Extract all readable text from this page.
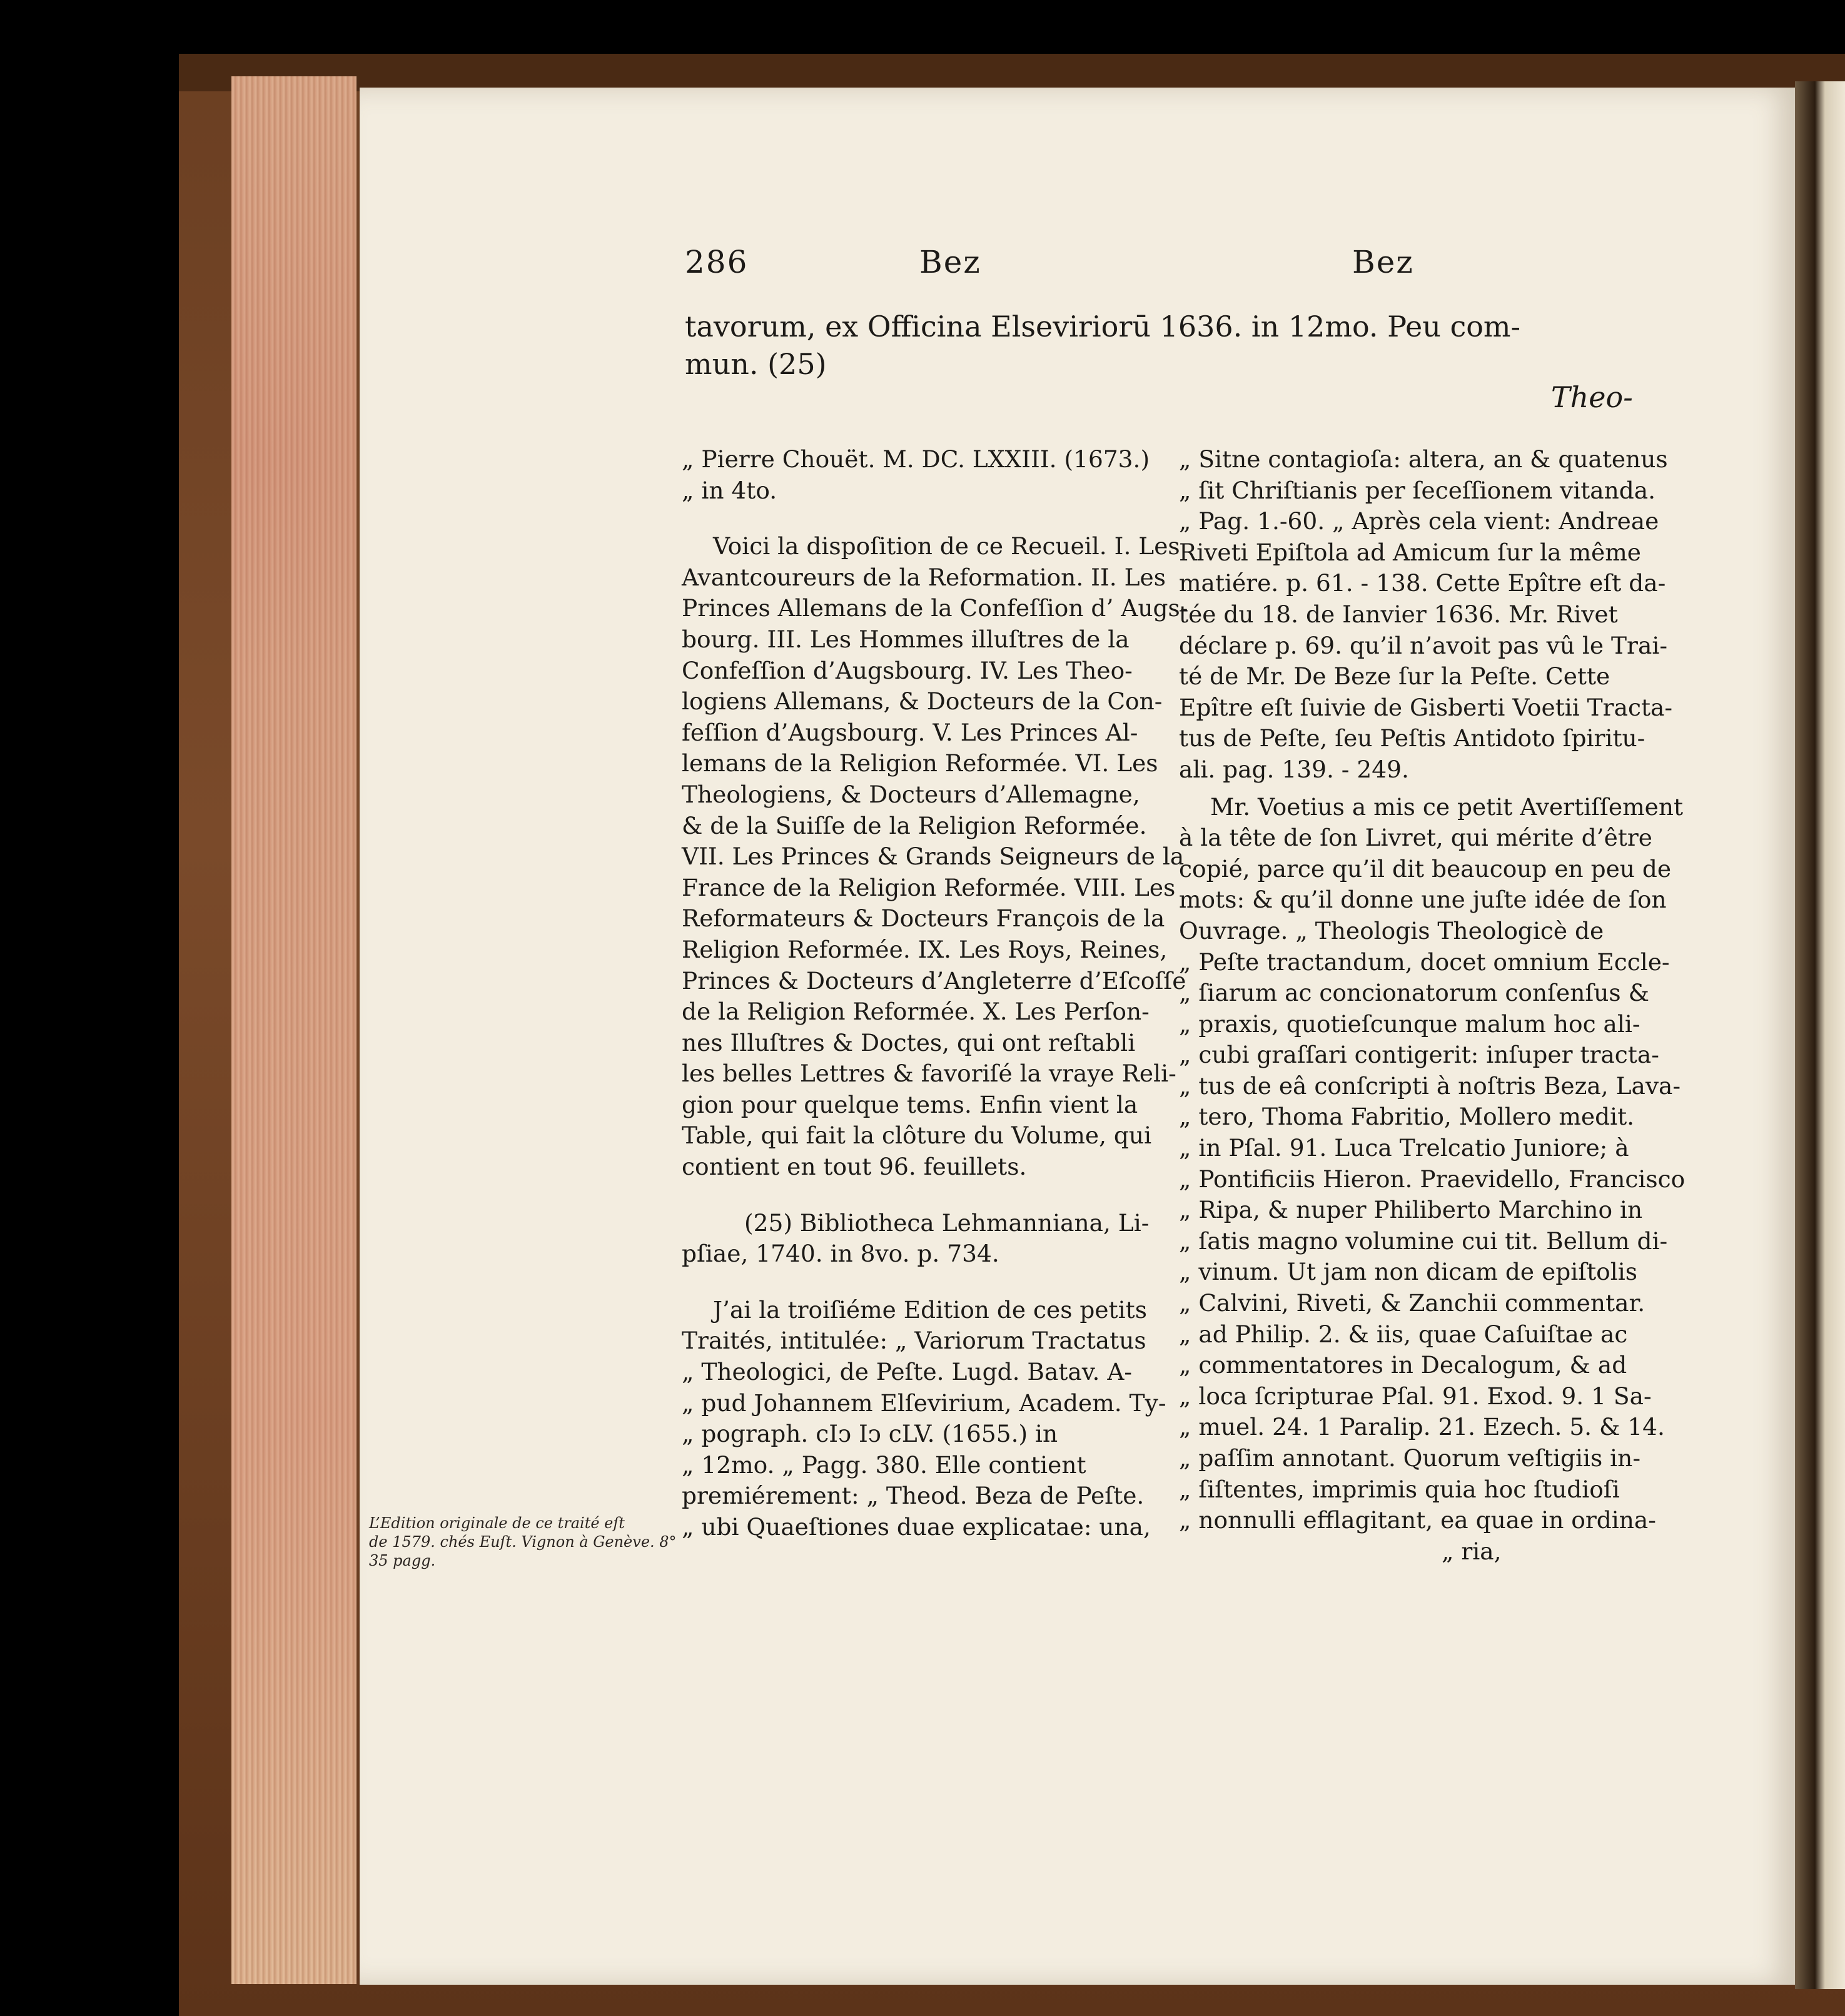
286	Bez	Bez
tavorum, ex Officina Elseviriorū 1636. in 12mo. Peu com-
mun. (25)
Theo-
„ Pierre Chouët. M. DC. LXXIII. (1673.)
„ in 4to.
Voici la dispoſition de ce Recueil. I. Les
Avantcoureurs de la Reformation. II. Les
Princes Allemans de la Confeſſion d’ Augs-
bourg. III. Les Hommes illuſtres de la
Confeſſion d’Augsbourg. IV. Les Theo-
logiens Allemans, & Docteurs de la Con-
feſſion d’Augsbourg. V. Les Princes Al-
lemans de la Religion Reformée. VI. Les
Theologiens, & Docteurs d’Allemagne,
& de la Suiſſe de la Religion Reformée.
VII. Les Princes & Grands Seigneurs de la
France de la Religion Reformée. VIII. Les
Reformateurs & Docteurs François de la
Religion Reformée. IX. Les Roys, Reines,
Princes & Docteurs d’Angleterre d’Eſcoſſe
de la Religion Reformée. X. Les Perſon-
nes Illuſtres & Doctes, qui ont reſtabli
les belles Lettres & favoriſé la vraye Reli-
gion pour quelque tems. Enfin vient la
Table, qui fait la clôture du Volume, qui
contient en tout 96. feuillets.
(25) Bibliotheca Lehmanniana, Li-
pſiae, 1740. in 8vo. p. 734.
J’ai la troiſiéme Edition de ces petits
Traités, intitulée: „ Variorum Tractatus
„ Theologici, de Peſte. Lugd. Batav. A-
„ pud Johannem Elſevirium, Academ. Ty-
„ pograph. cIↄ Iↄ cLV. (1655.) in
„ 12mo. „ Pagg. 380. Elle contient
premiérement: „ Theod. Beza de Peſte.
„ ubi Quaeſtiones duae explicatae: una,
„ Sitne contagioſa: altera, an & quatenus
„ ſit Chriſtianis per ſeceſſionem vitanda.
„ Pag. 1.-60. „ Après cela vient: Andreae
Riveti Epiſtola ad Amicum ſur la même
matiére. p. 61. - 138. Cette Epître eſt da-
tée du 18. de Ianvier 1636. Mr. Rivet
déclare p. 69. qu’il n’avoit pas vû le Trai-
té de Mr. De Beze ſur la Peſte. Cette
Epître eſt ſuivie de Gisberti Voetii Tracta-
tus de Peſte, ſeu Peſtis Antidoto ſpiritu-
ali. pag. 139. - 249.
Mr. Voetius a mis ce petit Avertiſſement
à la tête de ſon Livret, qui mérite d’être
copié, parce qu’il dit beaucoup en peu de
mots: & qu’il donne une juſte idée de ſon
Ouvrage. „ Theologis Theologicè de
„ Peſte tractandum, docet omnium Eccle-
„ ſiarum ac concionatorum conſenſus &
„ praxis, quotieſcunque malum hoc ali-
„ cubi graſſari contigerit: inſuper tracta-
„ tus de eâ conſcripti à noſtris Beza, Lava-
„ tero, Thoma Fabritio, Mollero medit.
„ in Pſal. 91. Luca Trelcatio Juniore; à
„ Pontificiis Hieron. Praevidello, Francisco
„ Ripa, & nuper Philiberto Marchino in
„ ſatis magno volumine cui tit. Bellum di-
„ vinum. Ut jam non dicam de epiſtolis
„ Calvini, Riveti, & Zanchii commentar.
„ ad Philip. 2. & iis, quae Caſuiſtae ac
„ commentatores in Decalogum, & ad
„ loca ſcripturae Pſal. 91. Exod. 9. 1 Sa-
„ muel. 24. 1 Paralip. 21. Ezech. 5. & 14.
„ paſſim annotant. Quorum veſtigiis in-
„ ſiſtentes, imprimis quia hoc ſtudioſi
„ nonnulli efflagitant, ea quae in ordina-
„ ria,
L’Edition originale de ce traité eſt
de 1579. chés Euſt. Vignon à Genève. 8°
35 pagg.
